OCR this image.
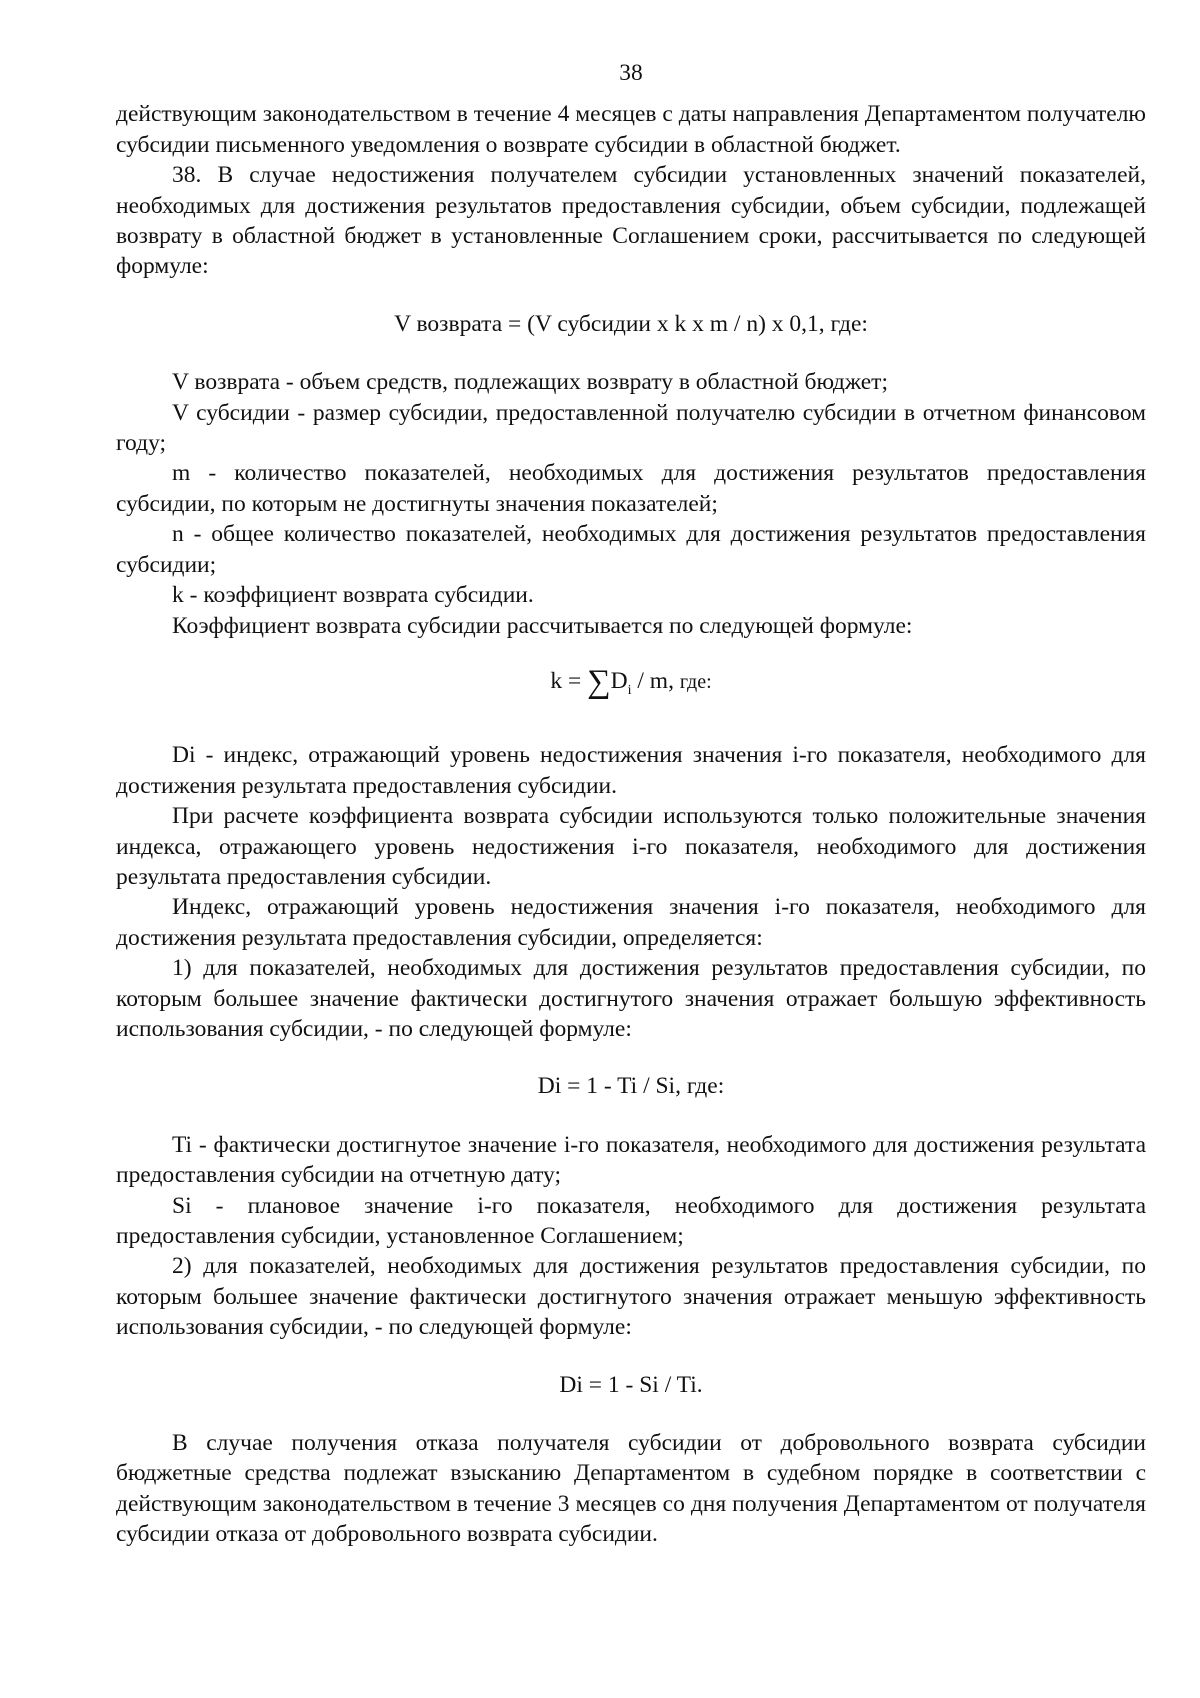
38

действующим законодательством в течение 4 месяцев с даты направления Департаментом получателю субсидии письменного уведомления о возврате субсидии в областной бюджет.

38. В случае недостижения получателем субсидии установленных значений показателей, необходимых для достижения результатов предоставления субсидии, объем субсидии, подлежащей возврату в областной бюджет в установленные Соглашением сроки, рассчитывается по следующей формуле:

V возврата = (V субсидии x k x m / n) x 0,1, где:

V возврата - объем средств, подлежащих возврату в областной бюджет;

V субсидии - размер субсидии, предоставленной получателю субсидии в отчетном финансовом году;

m - количество показателей, необходимых для достижения результатов предоставления субсидии, по которым не достигнуты значения показателей;

n - общее количество показателей, необходимых для достижения результатов предоставления субсидии;

k - коэффициент возврата субсидии.

Коэффициент возврата субсидии рассчитывается по следующей формуле:

$k = \sum D_i / m$, где:

Di - индекс, отражающий уровень недостижения значения i-го показателя, необходимого для достижения результата предоставления субсидии.

При расчете коэффициента возврата субсидии используются только положительные значения индекса, отражающего уровень недостижения i-го показателя, необходимого для достижения результата предоставления субсидии.

Индекс, отражающий уровень недостижения значения i-го показателя, необходимого для достижения результата предоставления субсидии, определяется:

1) для показателей, необходимых для достижения результатов предоставления субсидии, по которым большее значение фактически достигнутого значения отражает большую эффективность использования субсидии, - по следующей формуле:

Di = 1 - Ti / Si, где:

Ti - фактически достигнутое значение i-го показателя, необходимого для достижения результата предоставления субсидии на отчетную дату;

Si - плановое значение i-го показателя, необходимого для достижения результата предоставления субсидии, установленное Соглашением;

2) для показателей, необходимых для достижения результатов предоставления субсидии, по которым большее значение фактически достигнутого значения отражает меньшую эффективность использования субсидии, - по следующей формуле:

Di = 1 - Si / Ti.

В случае получения отказа получателя субсидии от добровольного возврата субсидии бюджетные средства подлежат взысканию Департаментом в судебном порядке в соответствии с действующим законодательством в течение 3 месяцев со дня получения Департаментом от получателя субсидии отказа от добровольного возврата субсидии.
